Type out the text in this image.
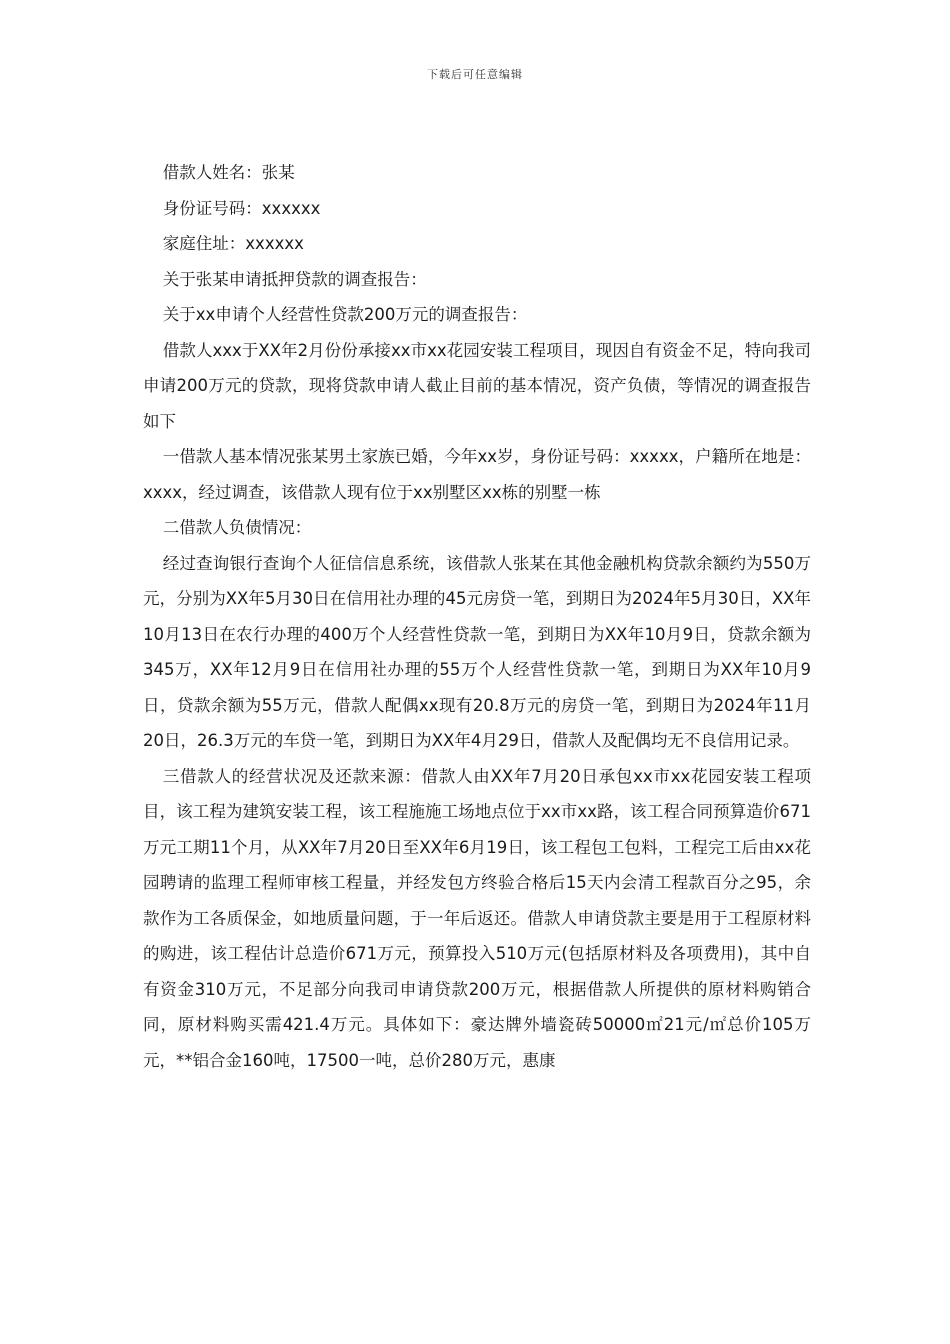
下载后可任意编辑

借款人姓名：张某

身份证号码：xxxxxx

家庭住址：xxxxxx

关于张某申请抵押贷款的调查报告：

关于xx申请个人经营性贷款200万元的调查报告：

借款人xxx于XX年2月份份承接xx市xx花园安装工程项目，现因自有资金不足，特向我司申请200万元的贷款，现将贷款申请人截止目前的基本情况，资产负债，等情况的调查报告如下

一借款人基本情况张某男土家族已婚，今年xx岁，身份证号码：xxxxx，户籍所在地是：xxxx，经过调查，该借款人现有位于xx别墅区xx栋的别墅一栋

二借款人负债情况：

经过查询银行查询个人征信信息系统，该借款人张某在其他金融机构贷款余额约为550万元，分别为XX年5月30日在信用社办理的45元房贷一笔，到期日为2024年5月30日，XX年10月13日在农行办理的400万个人经营性贷款一笔，到期日为XX年10月9日，贷款余额为345万，XX年12月9日在信用社办理的55万个人经营性贷款一笔，到期日为XX年10月9日，贷款余额为55万元，借款人配偶xx现有20.8万元的房贷一笔，到期日为2024年11月20日，26.3万元的车贷一笔，到期日为XX年4月29日，借款人及配偶均无不良信用记录。

三借款人的经营状况及还款来源：借款人由XX年7月20日承包xx市xx花园安装工程项目，该工程为建筑安装工程，该工程施施工场地点位于xx市xx路，该工程合同预算造价671万元工期11个月，从XX年7月20日至XX年6月19日，该工程包工包料，工程完工后由xx花园聘请的监理工程师审核工程量，并经发包方终验合格后15天内会清工程款百分之95，余款作为工各质保金，如地质量问题，于一年后返还。借款人申请贷款主要是用于工程原材料的购进，该工程估计总造价671万元，预算投入510万元(包括原材料及各项费用)，其中自有资金310万元，不足部分向我司申请贷款200万元，根据借款人所提供的原材料购销合同，原材料购买需421.4万元。具体如下：豪达牌外墙瓷砖50000㎡21元/㎡总价105万元，**铝合金160吨，17500一吨，总价280万元，惠康
